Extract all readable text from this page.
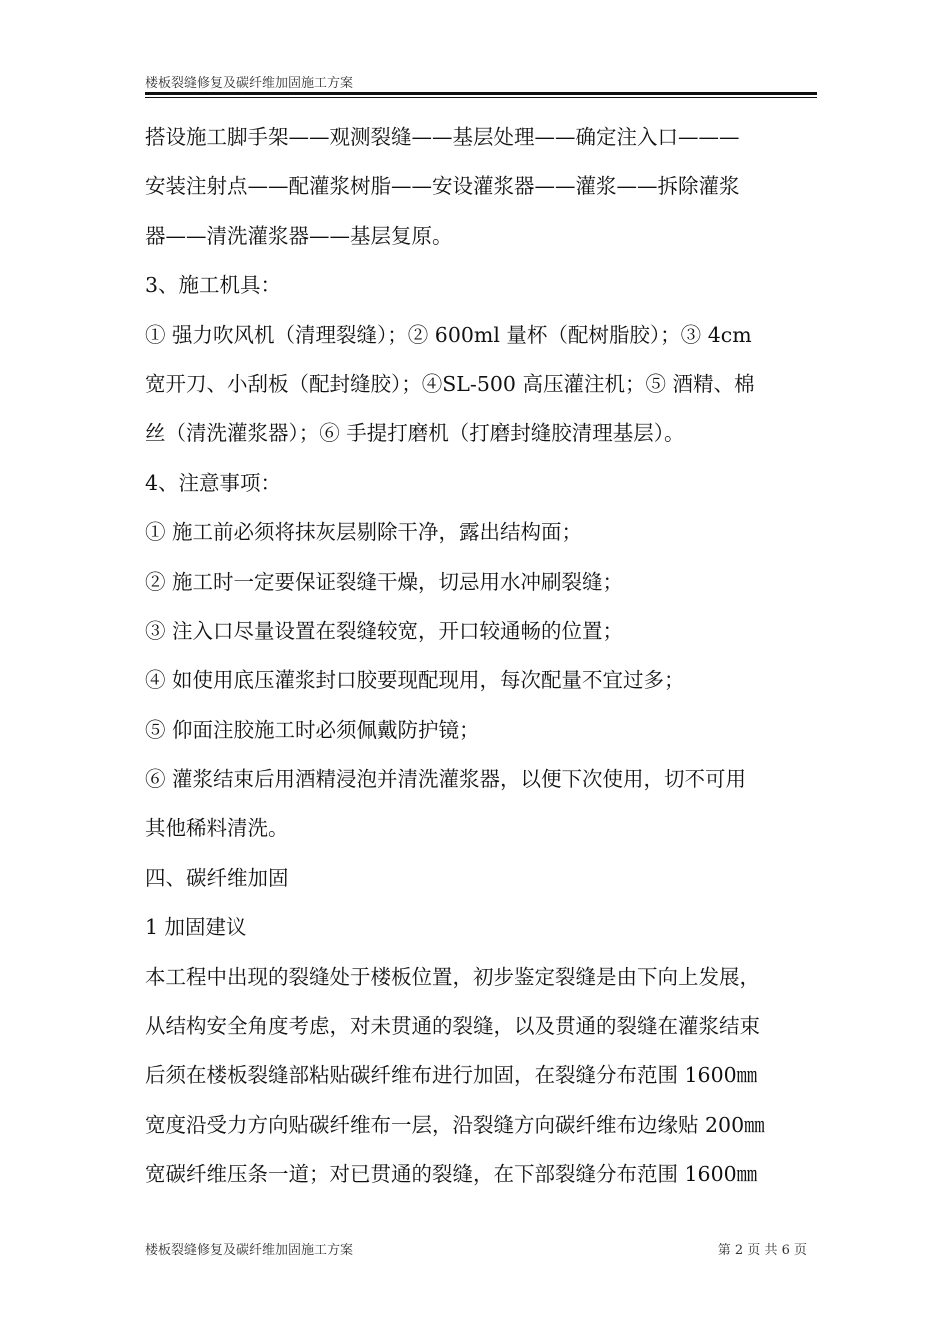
楼板裂缝修复及碳纤维加固施工方案
搭设施工脚手架——观测裂缝——基层处理——确定注入口———
安装注射点——配灌浆树脂——安设灌浆器——灌浆——拆除灌浆
器——清洗灌浆器——基层复原。
3、施工机具：
① 强力吹风机（清理裂缝）；② 600ml 量杯（配树脂胶）；③ 4cm
宽开刀、小刮板（配封缝胶）；④SL-500 高压灌注机；⑤ 酒精、棉
丝（清洗灌浆器）；⑥ 手提打磨机（打磨封缝胶清理基层）。
4、注意事项：
① 施工前必须将抹灰层剔除干净，露出结构面；
② 施工时一定要保证裂缝干燥，切忌用水冲刷裂缝；
③ 注入口尽量设置在裂缝较宽，开口较通畅的位置；
④ 如使用底压灌浆封口胶要现配现用，每次配量不宜过多；
⑤ 仰面注胶施工时必须佩戴防护镜；
⑥ 灌浆结束后用酒精浸泡并清洗灌浆器，以便下次使用，切不可用
其他稀料清洗。
四、碳纤维加固
1 加固建议
本工程中出现的裂缝处于楼板位置，初步鉴定裂缝是由下向上发展，
从结构安全角度考虑，对未贯通的裂缝，以及贯通的裂缝在灌浆结束
后须在楼板裂缝部粘贴碳纤维布进行加固，在裂缝分布范围 1600㎜
宽度沿受力方向贴碳纤维布一层，沿裂缝方向碳纤维布边缘贴 200㎜
宽碳纤维压条一道；对已贯通的裂缝，在下部裂缝分布范围 1600㎜
楼板裂缝修复及碳纤维加固施工方案	第 2 页 共 6 页
